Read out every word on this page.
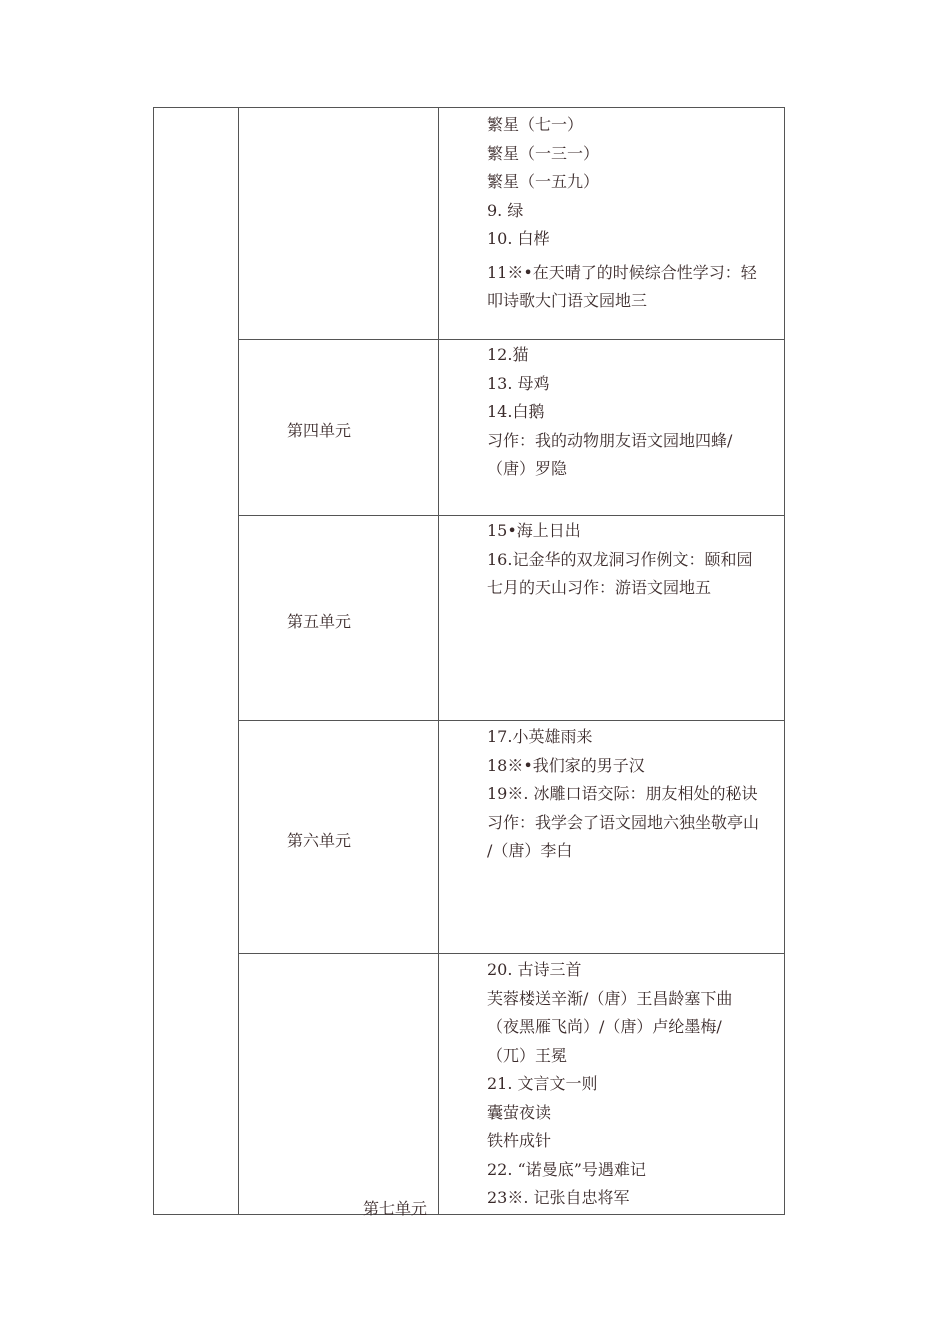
繁星（七一）
繁星（一三一）
繁星（一五九）
9. 绿
10. 白桦
11※•在天晴了的时候综合性学习：轻
叩诗歌大门语文园地三
第四单元
12.猫
13. 母鸡
14.白鹅
习作：我的动物朋友语文园地四蜂/
（唐）罗隐
第五单元
15•海上日出
16.记金华的双龙洞习作例文：颐和园
七月的天山习作：游语文园地五
第六单元
17.小英雄雨来
18※•我们家的男子汉
19※. 冰雕口语交际：朋友相处的秘诀
习作：我学会了语文园地六独坐敬亭山
/（唐）李白
第七单元
20. 古诗三首
芙蓉楼送辛渐/（唐）王昌龄塞下曲
（夜黑雁飞尚）/（唐）卢纶墨梅/
（兀）王冕
21. 文言文一则
囊萤夜读
铁杵成针
22. “诺曼底”号遇难记
23※. 记张自忠将军
